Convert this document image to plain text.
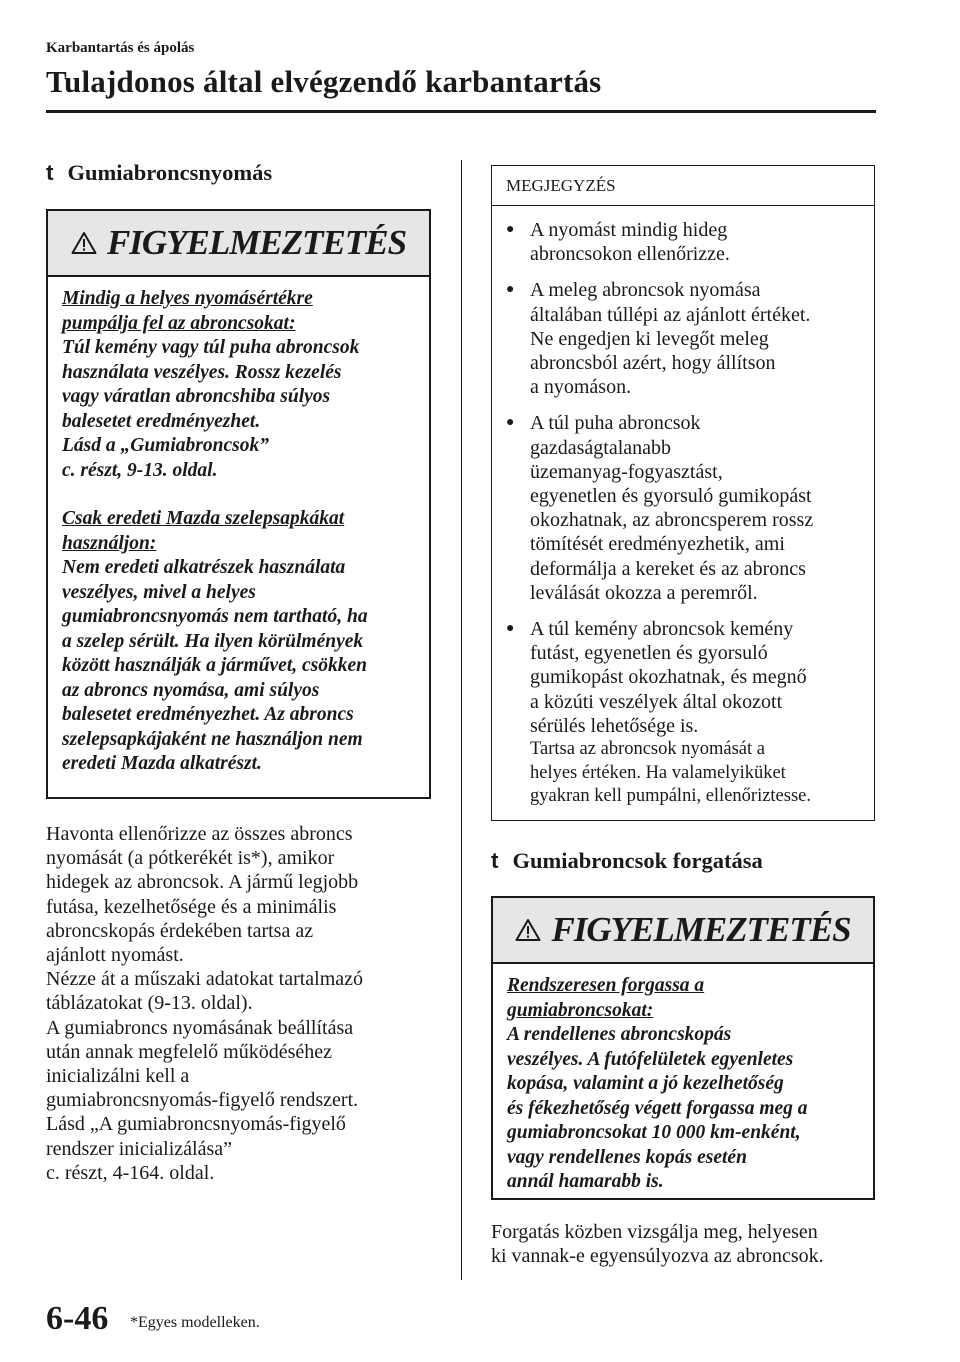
Karbantartás és ápolás
Tulajdonos által elvégzendő karbantartás
t Gumiabroncsnyomás
FIGYELMEZTETÉS

Mindig a helyes nyomásértékre

pumpálja fel az abroncsokat:

Túl kemény vagy túl puha abroncsok

használata veszélyes. Rossz kezelés

vagy váratlan abroncshiba súlyos

balesetet eredményezhet.

Lásd a „Gumiabroncsok”

c. részt, 9-13. oldal.

Csak eredeti Mazda szelepsapkákat

használjon:

Nem eredeti alkatrészek használata

veszélyes, mivel a helyes

gumiabroncsnyomás nem tartható, ha

a szelep sérült. Ha ilyen körülmények

között használják a járművet, csökken

az abroncs nyomása, ami súlyos

balesetet eredményezhet. Az abroncs

szelepsapkájaként ne használjon nem

eredeti Mazda alkatrészt.

Havonta ellenőrizze az összes abroncs

nyomását (a pótkerékét is*), amikor

hidegek az abroncsok. A jármű legjobb

futása, kezelhetősége és a minimális

abroncskopás érdekében tartsa az

ajánlott nyomást.

Nézze át a műszaki adatokat tartalmazó

táblázatokat (9-13. oldal).

A gumiabroncs nyomásának beállítása

után annak megfelelő működéséhez

inicializálni kell a

gumiabroncsnyomás-figyelő rendszert.

Lásd „A gumiabroncsnyomás-figyelő

rendszer inicializálása”

c. részt, 4-164. oldal.

MEGJEGYZÉS
● A nyomást mindig hideg

abroncsokon ellenőrizze.

● A meleg abroncsok nyomása

általában túllépi az ajánlott értéket.

Ne engedjen ki levegőt meleg

abroncsból azért, hogy állítson

a nyomáson.

● A túl puha abroncsok

gazdaságtalanabb

üzemanyag-fogyasztást,

egyenetlen és gyorsuló gumikopást

okozhatnak, az abroncsperem rossz

tömítését eredményezhetik, ami

deformálja a kereket és az abroncs

leválását okozza a peremről.

● A túl kemény abroncsok kemény

futást, egyenetlen és gyorsuló

gumikopást okozhatnak, és megnő

a közúti veszélyek által okozott

sérülés lehetősége is.

Tartsa az abroncsok nyomását a

helyes értéken. Ha valamelyiküket

gyakran kell pumpálni, ellenőriztesse.

t Gumiabroncsok forgatása
FIGYELMEZTETÉS

Rendszeresen forgassa a

gumiabroncsokat:

A rendellenes abroncskopás

veszélyes. A futófelületek egyenletes

kopása, valamint a jó kezelhetőség

és fékezhetőség végett forgassa meg a

gumiabroncsokat 10 000 km-enként,

vagy rendellenes kopás esetén

annál hamarabb is.

Forgatás közben vizsgálja meg, helyesen

ki vannak-e egyensúlyozva az abroncsok.

6-46 *Egyes modelleken.
